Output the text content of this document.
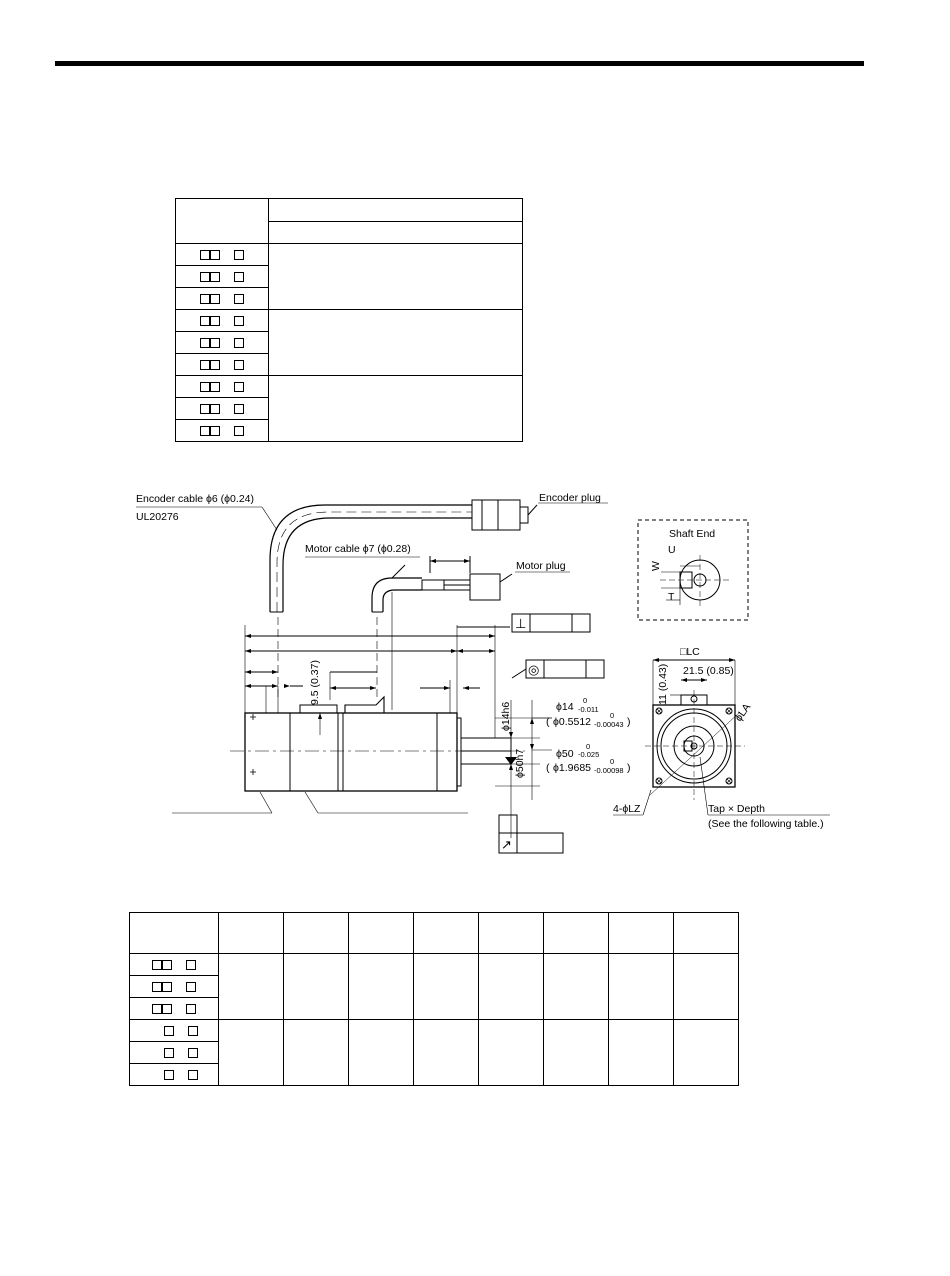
Encoder cable ϕ6 (ϕ0.24)
UL20276
Encoder plug
Motor cable ϕ7 (ϕ0.28)
Motor plug
Shaft End
U
W
T
□LC
21.5 (0.85)
11 (0.43)
ϕLA
9.5 (0.37)
ϕ14h6
ϕ50h7
ϕ14
0
-0.011
( ϕ0.5512
0
-0.00043 )
ϕ50
0
-0.025
( ϕ1.9685
0
-0.00098 )
4-ϕLZ	Tap × Depth
(See the following table.)
⊥
◎
↗
